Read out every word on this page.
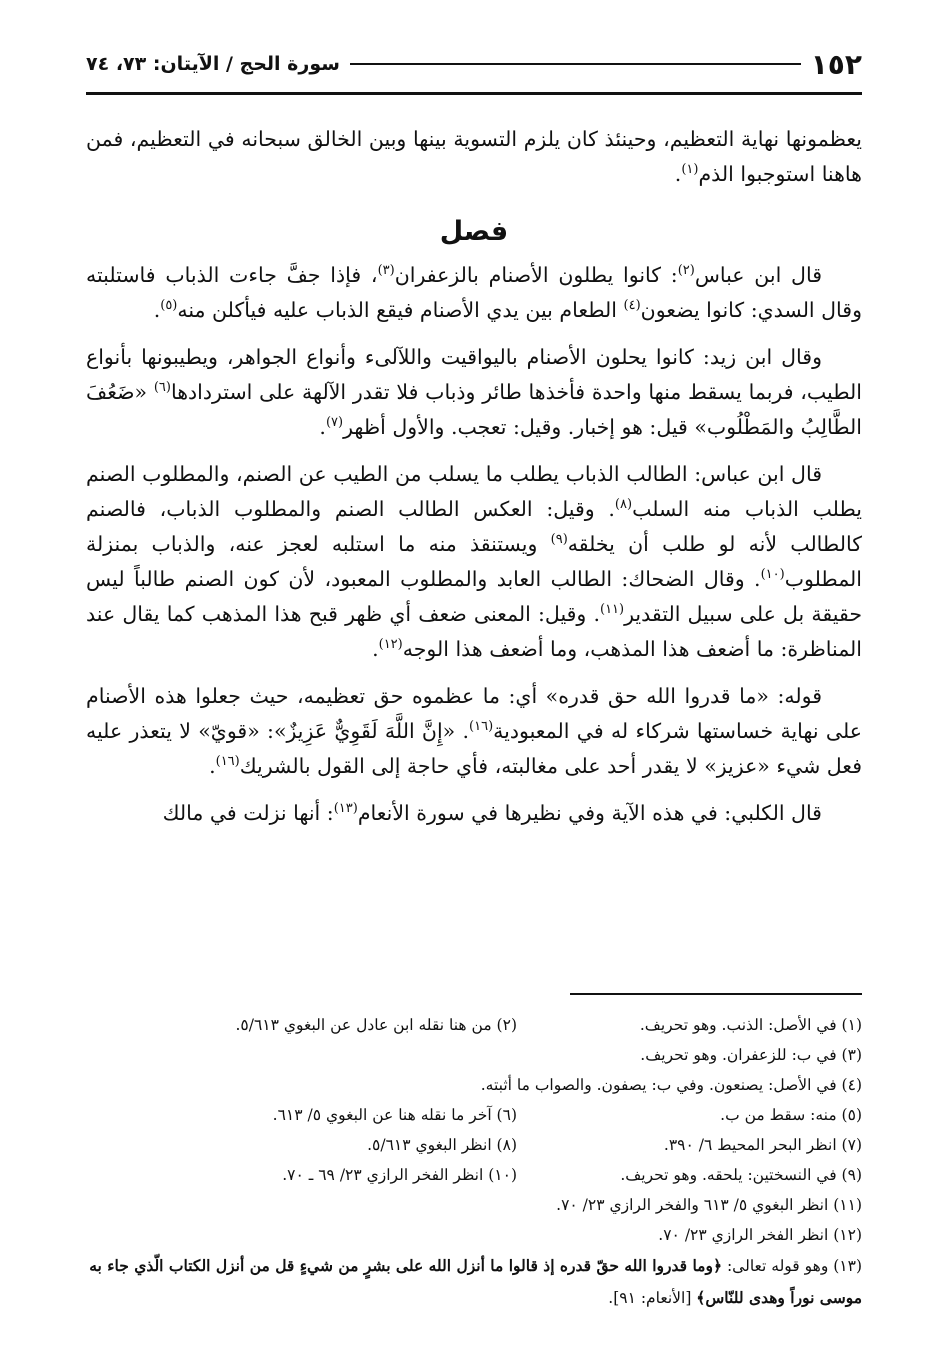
١٥٢
سورة الحج / الآيتان: ٧٣، ٧٤

يعظمونها نهاية التعظيم، وحينئذ كان يلزم التسوية بينها وبين الخالق سبحانه في التعظيم، فمن هاهنا استوجبوا الذم$^{(١)}$.

فصل

قال ابن عباس$^{(٢)}$: كانوا يطلون الأصنام بالزعفران$^{(٣)}$، فإذا جفَّ جاءت الذباب فاستلبته وقال السدي: كانوا يضعون$^{(٤)}$ الطعام بين يدي الأصنام فيقع الذباب عليه فيأكلن منه$^{(٥)}$.

وقال ابن زيد: كانوا يحلون الأصنام باليواقيت واللآلىء وأنواع الجواهر، ويطيبونها بأنواع الطيب، فربما يسقط منها واحدة فأخذها طائر وذباب فلا تقدر الآلهة على استردادها$^{(٦)}$ «ضَعُفَ الطَّالِبُ والمَطْلُوب» قيل: هو إخبار. وقيل: تعجب. والأول أظهر$^{(٧)}$.

قال ابن عباس: الطالب الذباب يطلب ما يسلب من الطيب عن الصنم، والمطلوب الصنم يطلب الذباب منه السلب$^{(٨)}$. وقيل: العكس الطالب الصنم والمطلوب الذباب، فالصنم كالطالب لأنه لو طلب أن يخلقه$^{(٩)}$ ويستنقذ منه ما استلبه لعجز عنه، والذباب بمنزلة المطلوب$^{(١٠)}$. وقال الضحاك: الطالب العابد والمطلوب المعبود، لأن كون الصنم طالباً ليس حقيقة بل على سبيل التقدير$^{(١١)}$. وقيل: المعنى ضعف أي ظهر قبح هذا المذهب كما يقال عند المناظرة: ما أضعف هذا المذهب، وما أضعف هذا الوجه$^{(١٢)}$.

قوله: «ما قدروا الله حق قدره» أي: ما عظموه حق تعظيمه، حيث جعلوا هذه الأصنام على نهاية خساستها شركاء له في المعبودية$^{(١٦)}$. «إِنَّ اللَّهَ لَقَوِيٌّ عَزِيزٌ»: «قويّ» لا يتعذر عليه فعل شيء «عزيز» لا يقدر أحد على مغالبته، فأي حاجة إلى القول بالشريك$^{(١٦)}$.

قال الكلبي: في هذه الآية وفي نظيرها في سورة الأنعام$^{(١٣)}$: أنها نزلت في مالك

(١) في الأصل: الذنب. وهو تحريف.
(٢) من هنا نقله ابن عادل عن البغوي ٥/٦١٣.
(٣) في ب: للزعفران. وهو تحريف.
(٤) في الأصل: يصنعون. وفي ب: يصفون. والصواب ما أثبته.
(٥) منه: سقط من ب.
(٦) آخر ما نقله هنا عن البغوي ٥/ ٦١٣.
(٧) انظر البحر المحيط ٦/ ٣٩٠.
(٨) انظر البغوي ٥/٦١٣.
(٩) في النسختين: يلحقه. وهو تحريف.
(١٠) انظر الفخر الرازي ٢٣/ ٦٩ ـ ٧٠.
(١١) انظر البغوي ٥/ ٦١٣ والفخر الرازي ٢٣/ ٧٠.
(١٢) انظر الفخر الرازي ٢٣/ ٧٠.
(١٣) وهو قوله تعالى: ﴿وما قدروا الله حقّ قدره إذ قالوا ما أنزل الله على بشرٍ من شيءٍ قل من أنزل الكتاب الّذي جاء به موسى نوراً وهدى للنّاس﴾ [الأنعام: ٩١].
